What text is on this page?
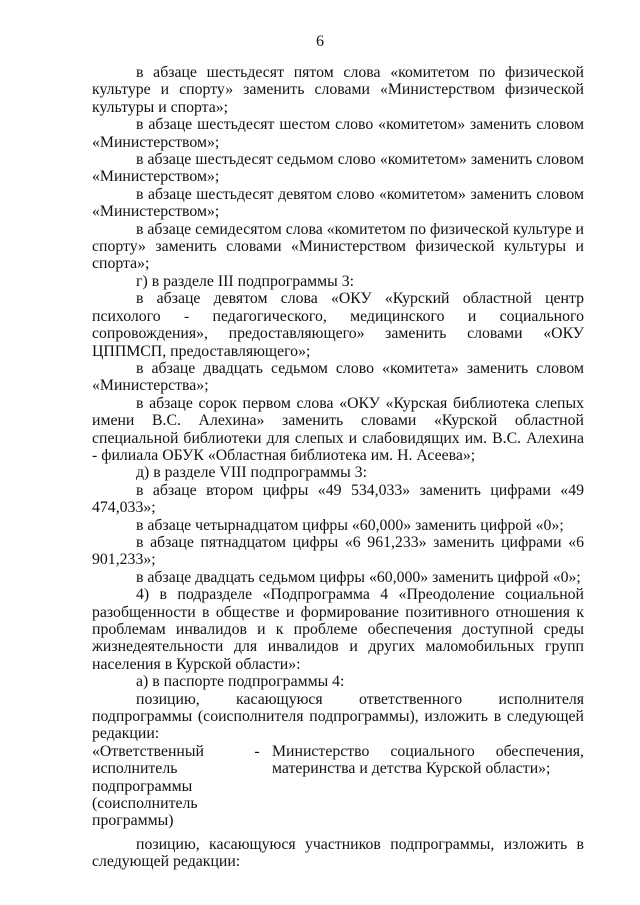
6

в абзаце шестьдесят пятом слова «комитетом по физической культуре и спорту» заменить словами «Министерством физической культуры и спорта»;

в абзаце шестьдесят шестом слово «комитетом» заменить словом «Министерством»;

в абзаце шестьдесят седьмом слово «комитетом» заменить словом «Министерством»;

в абзаце шестьдесят девятом слово «комитетом» заменить словом «Министерством»;

в абзаце семидесятом слова «комитетом по физической культуре и спорту» заменить словами «Министерством физической культуры и спорта»;

г) в разделе III подпрограммы 3:

в абзаце девятом слова «ОКУ «Курский областной центр психолого - педагогического, медицинского и социального сопровождения», предоставляющего» заменить словами «ОКУ ЦППМСП, предоставляющего»;

в абзаце двадцать седьмом слово «комитета» заменить словом «Министерства»;

в абзаце сорок первом слова «ОКУ «Курская библиотека слепых имени В.С. Алехина» заменить словами «Курской областной специальной библиотеки для слепых и слабовидящих им. В.С. Алехина - филиала ОБУК «Областная библиотека им. Н. Асеева»;

д) в разделе VIII подпрограммы 3:

в абзаце втором цифры «49 534,033» заменить цифрами «49 474,033»;

в абзаце четырнадцатом цифры «60,000» заменить цифрой «0»;

в абзаце пятнадцатом цифры «6 961,233» заменить цифрами «6 901,233»;

в абзаце двадцать седьмом цифры «60,000» заменить цифрой «0»;

4) в подразделе «Подпрограмма 4 «Преодоление социальной разобщенности в обществе и формирование позитивного отношения к проблемам инвалидов и к проблеме обеспечения доступной среды жизнедеятельности для инвалидов и других маломобильных групп населения в Курской области»:

а) в паспорте подпрограммы 4:

позицию, касающуюся ответственного исполнителя подпрограммы (соисполнителя подпрограммы), изложить в следующей редакции:

«Ответственный
исполнитель
подпрограммы
(соисполнитель
программы)
- Министерство социального обеспечения, материнства и детства Курской области»;

позицию, касающуюся участников подпрограммы, изложить в следующей редакции:
